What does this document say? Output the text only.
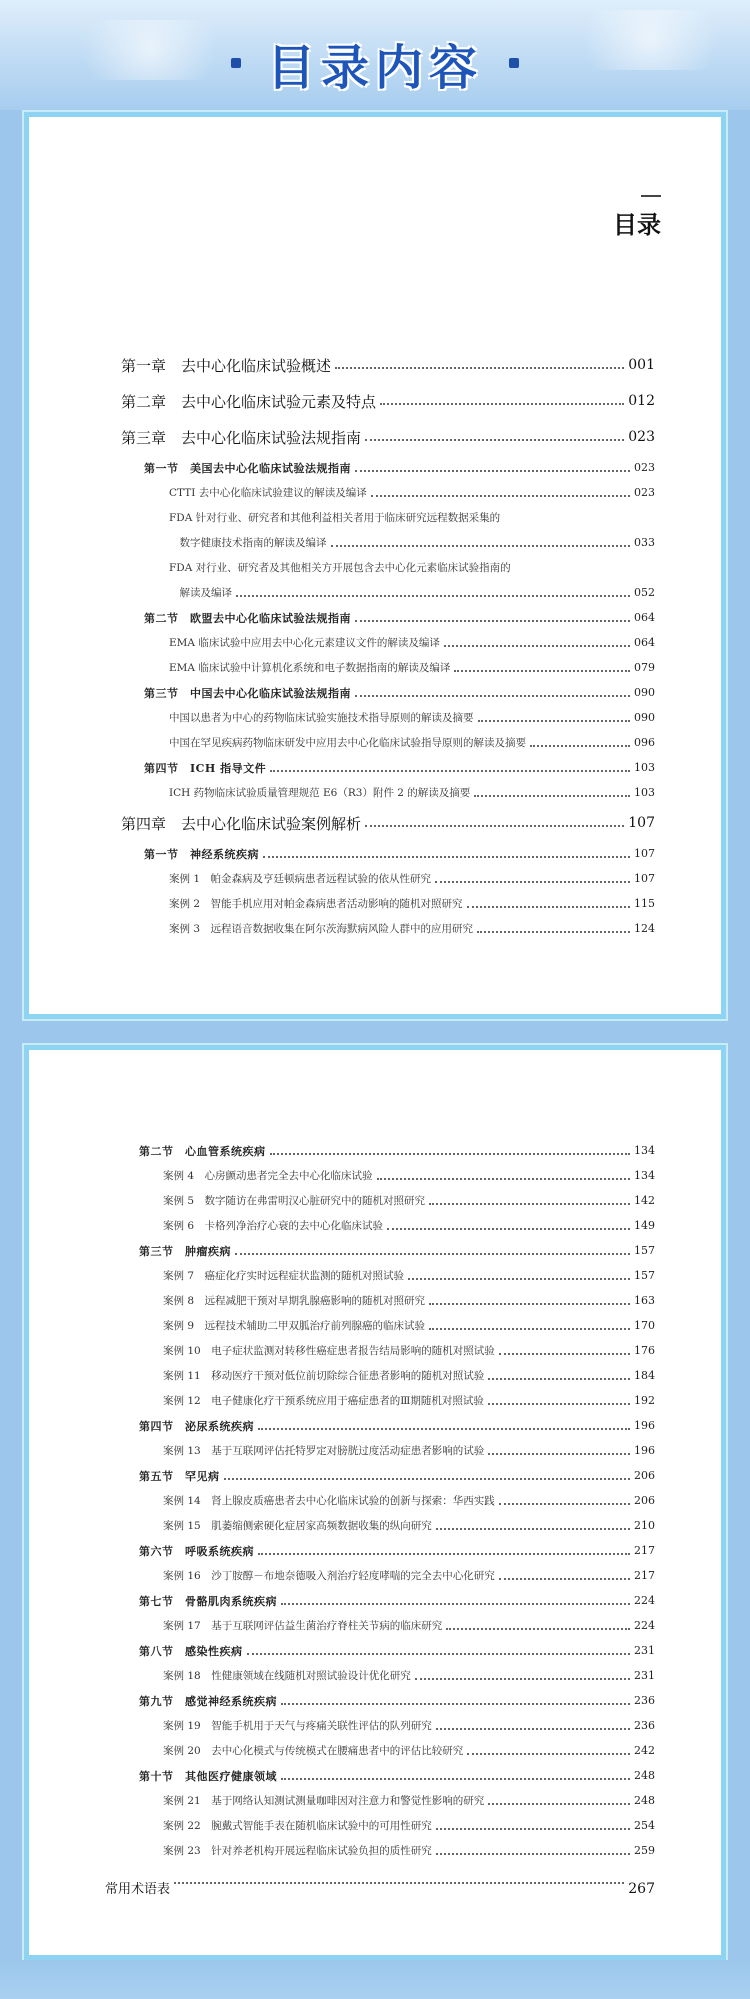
目录内容
目录
第一章　去中心化临床试验概述	001
第二章　去中心化临床试验元素及特点	012
第三章　去中心化临床试验法规指南	023
第一节　美国去中心化临床试验法规指南	023
CTTI 去中心化临床试验建议的解读及编译	023
FDA 针对行业、研究者和其他利益相关者用于临床研究远程数据采集的
　数字健康技术指南的解读及编译	033
FDA 对行业、研究者及其他相关方开展包含去中心化元素临床试验指南的
　解读及编译	052
第二节　欧盟去中心化临床试验法规指南	064
EMA 临床试验中应用去中心化元素建议文件的解读及编译	064
EMA 临床试验中计算机化系统和电子数据指南的解读及编译	079
第三节　中国去中心化临床试验法规指南	090
中国以患者为中心的药物临床试验实施技术指导原则的解读及摘要	090
中国在罕见疾病药物临床研发中应用去中心化临床试验指导原则的解读及摘要	096
第四节　ICH 指导文件	103
ICH 药物临床试验质量管理规范 E6（R3）附件 2 的解读及摘要	103
第四章　去中心化临床试验案例解析	107
第一节　神经系统疾病	107
案例 1　帕金森病及亨廷顿病患者远程试验的依从性研究	107
案例 2　智能手机应用对帕金森病患者活动影响的随机对照研究	115
案例 3　远程语音数据收集在阿尔茨海默病风险人群中的应用研究	124
第二节　心血管系统疾病	134
案例 4　心房颤动患者完全去中心化临床试验	134
案例 5　数字随访在弗雷明汉心脏研究中的随机对照研究	142
案例 6　卡格列净治疗心衰的去中心化临床试验	149
第三节　肿瘤疾病	157
案例 7　癌症化疗实时远程症状监测的随机对照试验	157
案例 8　远程减肥干预对早期乳腺癌影响的随机对照研究	163
案例 9　远程技术辅助二甲双胍治疗前列腺癌的临床试验	170
案例 10　电子症状监测对转移性癌症患者报告结局影响的随机对照试验	176
案例 11　移动医疗干预对低位前切除综合征患者影响的随机对照试验	184
案例 12　电子健康化疗干预系统应用于癌症患者的Ⅲ期随机对照试验	192
第四节　泌尿系统疾病	196
案例 13　基于互联网评估托特罗定对膀胱过度活动症患者影响的试验	196
第五节　罕见病	206
案例 14　肾上腺皮质癌患者去中心化临床试验的创新与探索：华西实践	206
案例 15　肌萎缩侧索硬化症居家高频数据收集的纵向研究	210
第六节　呼吸系统疾病	217
案例 16　沙丁胺醇－布地奈德吸入剂治疗轻度哮喘的完全去中心化研究	217
第七节　骨骼肌肉系统疾病	224
案例 17　基于互联网评估益生菌治疗脊柱关节病的临床研究	224
第八节　感染性疾病	231
案例 18　性健康领域在线随机对照试验设计优化研究	231
第九节　感觉神经系统疾病	236
案例 19　智能手机用于天气与疼痛关联性评估的队列研究	236
案例 20　去中心化模式与传统模式在腰痛患者中的评估比较研究	242
第十节　其他医疗健康领域	248
案例 21　基于网络认知测试测量咖啡因对注意力和警觉性影响的研究	248
案例 22　腕戴式智能手表在随机临床试验中的可用性研究	254
案例 23　针对养老机构开展远程临床试验负担的质性研究	259
常用术语表	267
